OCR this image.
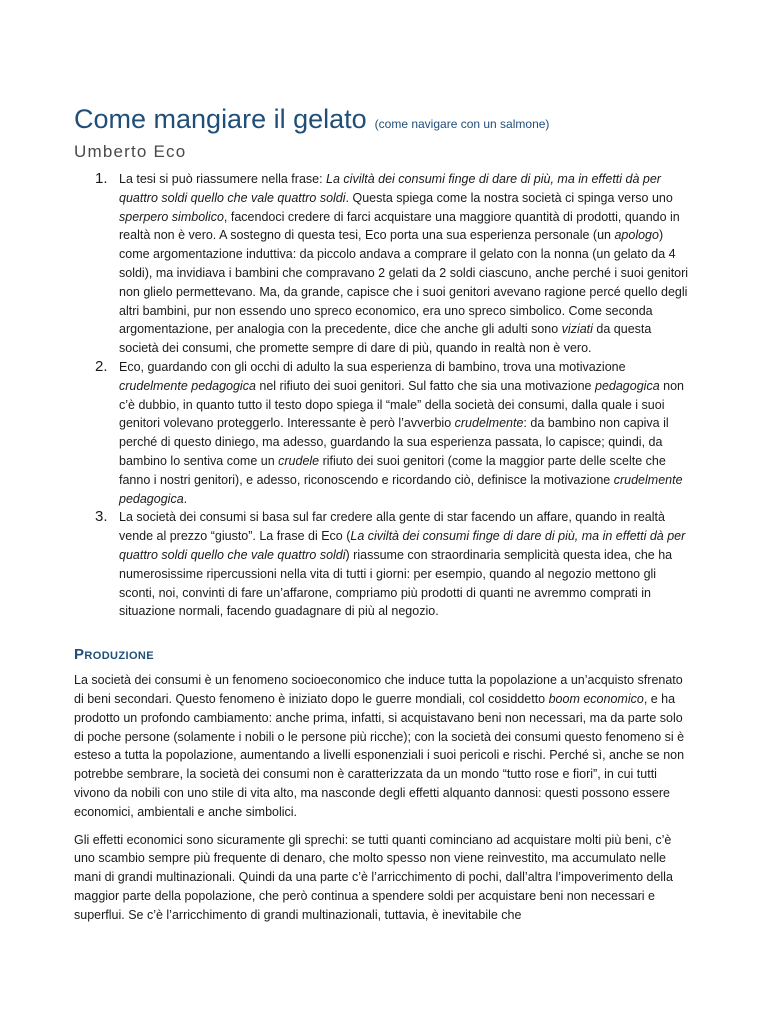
Come mangiare il gelato (come navigare con un salmone)
Umberto Eco
1. La tesi si può riassumere nella frase: La civiltà dei consumi finge di dare di più, ma in effetti dà per quattro soldi quello che vale quattro soldi. Questa spiega come la nostra società ci spinga verso uno sperpero simbolico, facendoci credere di farci acquistare una maggiore quantità di prodotti, quando in realtà non è vero. A sostegno di questa tesi, Eco porta una sua esperienza personale (un apologo) come argomentazione induttiva: da piccolo andava a comprare il gelato con la nonna (un gelato da 4 soldi), ma invidiava i bambini che compravano 2 gelati da 2 soldi ciascuno, anche perché i suoi genitori non glielo permettevano. Ma, da grande, capisce che i suoi genitori avevano ragione percé quello degli altri bambini, pur non essendo uno spreco economico, era uno spreco simbolico. Come seconda argomentazione, per analogia con la precedente, dice che anche gli adulti sono viziati da questa società dei consumi, che promette sempre di dare di più, quando in realtà non è vero.
2. Eco, guardando con gli occhi di adulto la sua esperienza di bambino, trova una motivazione crudelmente pedagogica nel rifiuto dei suoi genitori. Sul fatto che sia una motivazione pedagogica non c’è dubbio, in quanto tutto il testo dopo spiega il “male” della società dei consumi, dalla quale i suoi genitori volevano proteggerlo. Interessante è però l’avverbio crudelmente: da bambino non capiva il perché di questo diniego, ma adesso, guardando la sua esperienza passata, lo capisce; quindi, da bambino lo sentiva come un crudele rifiuto dei suoi genitori (come la maggior parte delle scelte che fanno i nostri genitori), e adesso, riconoscendo e ricordando ciò, definisce la motivazione crudelmente pedagogica.
3. La società dei consumi si basa sul far credere alla gente di star facendo un affare, quando in realtà vende al prezzo “giusto”. La frase di Eco (La civiltà dei consumi finge di dare di più, ma in effetti dà per quattro soldi quello che vale quattro soldi) riassume con straordinaria semplicità questa idea, che ha numerosissime ripercussioni nella vita di tutti i giorni: per esempio, quando al negozio mettono gli sconti, noi, convinti di fare un’affarone, compriamo più prodotti di quanti ne avremmo comprati in situazione normali, facendo guadagnare di più al negozio.
Produzione

La società dei consumi è un fenomeno socioeconomico che induce tutta la popolazione a un’acquisto sfrenato di beni secondari. Questo fenomeno è iniziato dopo le guerre mondiali, col cosiddetto boom economico, e ha prodotto un profondo cambiamento: anche prima, infatti, si acquistavano beni non necessari, ma da parte solo di poche persone (solamente i nobili o le persone più ricche); con la società dei consumi questo fenomeno si è esteso a tutta la popolazione, aumentando a livelli esponenziali i suoi pericoli e rischi. Perché sì, anche se non potrebbe sembrare, la società dei consumi non è caratterizzata da un mondo “tutto rose e fiori”, in cui tutti vivono da nobili con uno stile di vita alto, ma nasconde degli effetti alquanto dannosi: questi possono essere economici, ambientali e anche simbolici.

Gli effetti economici sono sicuramente gli sprechi: se tutti quanti cominciano ad acquistare molti più beni, c’è uno scambio sempre più frequente di denaro, che molto spesso non viene reinvestito, ma accumulato nelle mani di grandi multinazionali. Quindi da una parte c’è l’arricchimento di pochi, dall’altra l’impoverimento della maggior parte della popolazione, che però continua a spendere soldi per acquistare beni non necessari e superflui. Se c’è l’arricchimento di grandi multinazionali, tuttavia, è inevitabile che
